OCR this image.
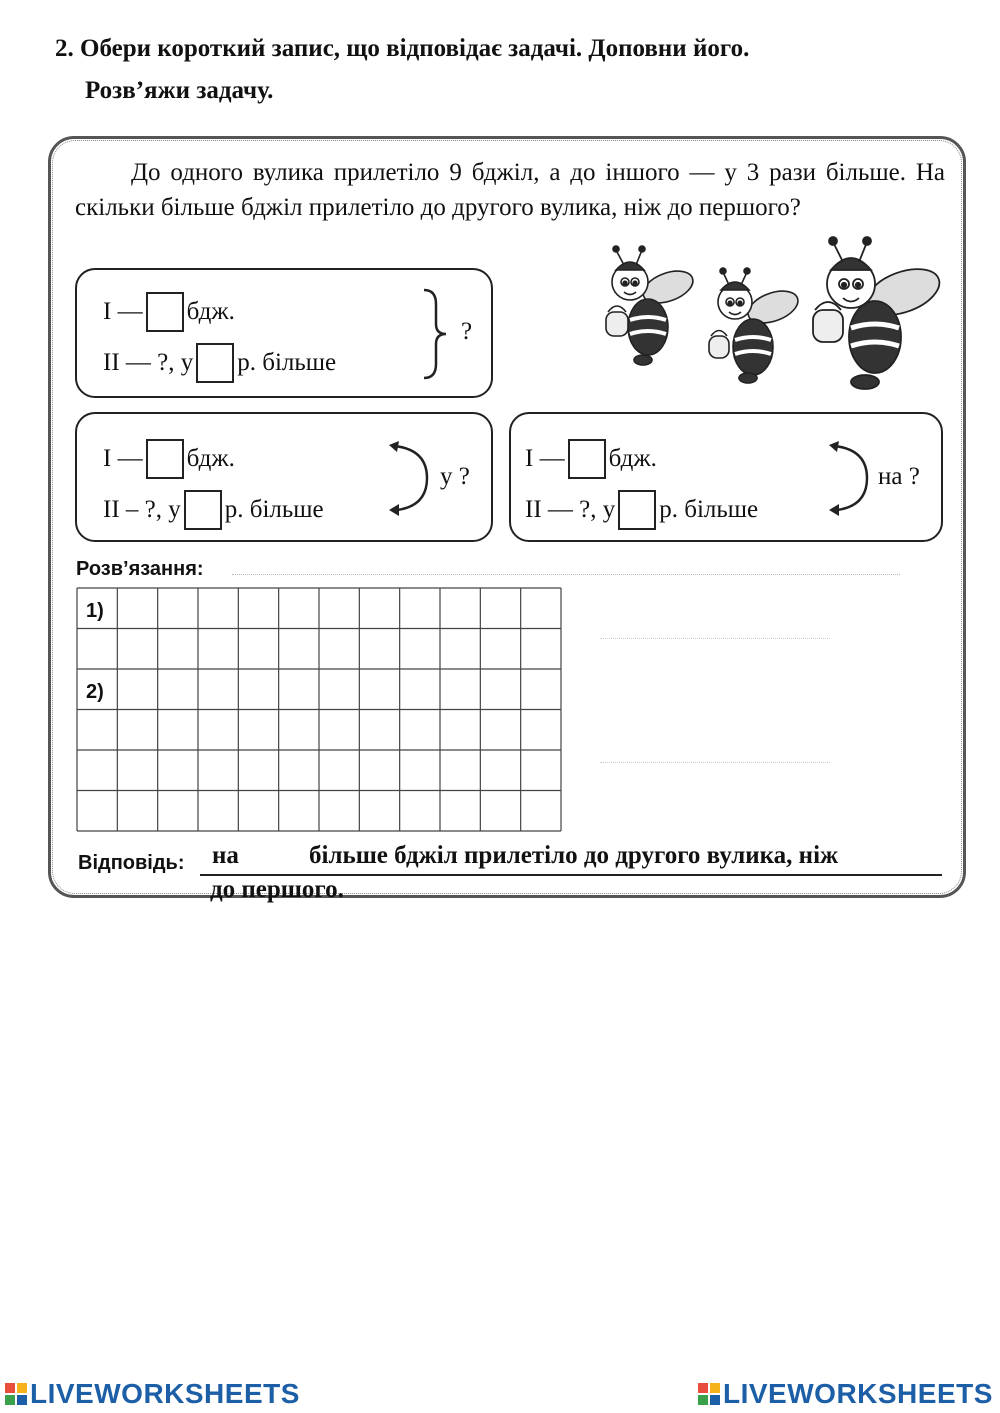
2. Обери короткий запис, що відповідає задачі. Доповни його.
Розв’яжи задачу.
До одного вулика прилетіло 9 бджіл, а до іншого — у 3 рази більше. На скільки більше бджіл прилетіло до другого вулика, ніж до першого?
I — бдж.
II — ?, у р. більше
?
I — бдж.
II – ?, у р. більше
у ?
I — бдж.
II — ?, у р. більше
на ?
Розв’язання:
1)
2)
Відповідь: на	більше бджіл прилетіло до другого вулика, ніж
до першого.
LIVEWORKSHEETS	LIVEWORKSHEETS
